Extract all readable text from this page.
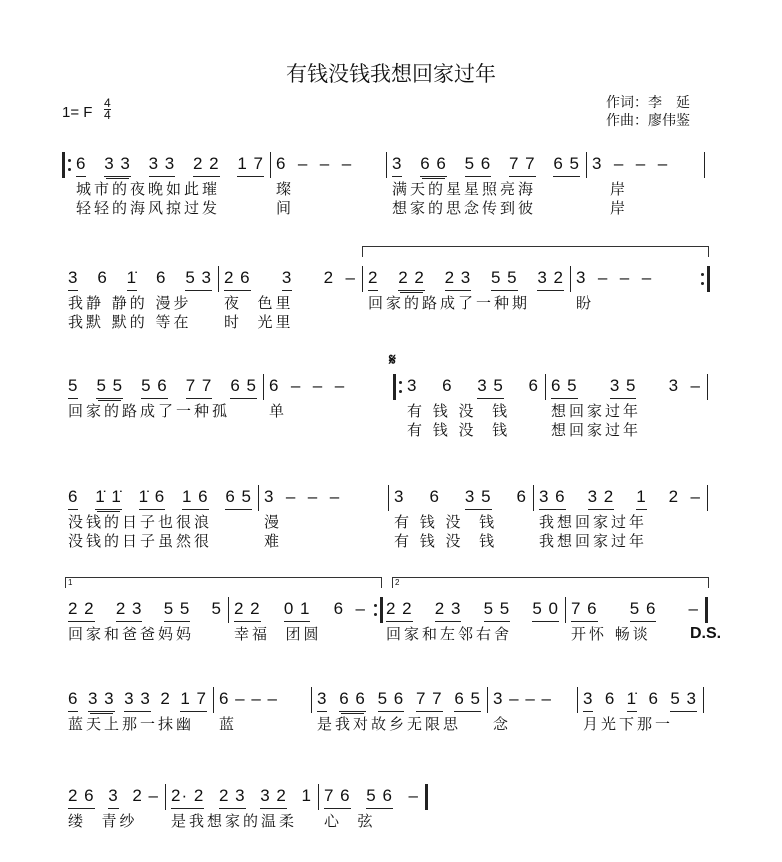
有钱没钱我想回家过年
1= F
4
4
作词：李　延
作曲：廖伟鉴
6 3 3 3 3 2 2 1 7
城市的夜晚如此璀
轻轻的海风掠过发
6  –  –  –
璨
间
3 6 6 5 6 7 7 6 5
满天的星星照亮海
想家的思念传到彼
3  –  –  –
　岸
　岸
3 6 1̇ 6 5 3
我静 静的 漫步
我默 默的 等在
2 6 3 2  –
夜  色里
时  光里
2 2 2 2 3 5 5 3 2
回家的路成了一种期
3  –  –  –
盼
5 5 5 5 6 7 7 6 5
回家的路成了一种孤
6  –  –  –
单
3 6 3 5 6
有 钱 没  钱
有 钱 没  钱
6 5 3 5 3  –
想回家过年
想回家过年
𝄋
6 1̇ 1̇ 1̇ 6 1 6 6 5
没钱的日子也很浪
没钱的日子虽然很
3  –  –  –
漫
难
3 6 3 5 6
有 钱 没  钱
有 钱 没  钱
3 6 3 2 1 2  –
我想回家过年
我想回家过年
2 2 2 3 5 5 5
回家和爸爸妈妈
2 2 0 1 6  –
幸福  团圆
2 2 2 3 5 5 5 0
回家和左邻右舍
7 6 5 6 –
开怀 畅谈
1	2
D.S.
6 3 3 3 3 2 1 7
蓝天上那一抹幽
6 – – –
蓝
3 6 6 5 6 7 7 6 5
是我对故乡无限思
3 – – –
念
3 6 1̇ 6 5 3
月光下那一
2 6 3 2 –
缕  青纱
2· 2 2 3 3 2 1
是我想家的温柔
7 6 5 6 –
心  弦
